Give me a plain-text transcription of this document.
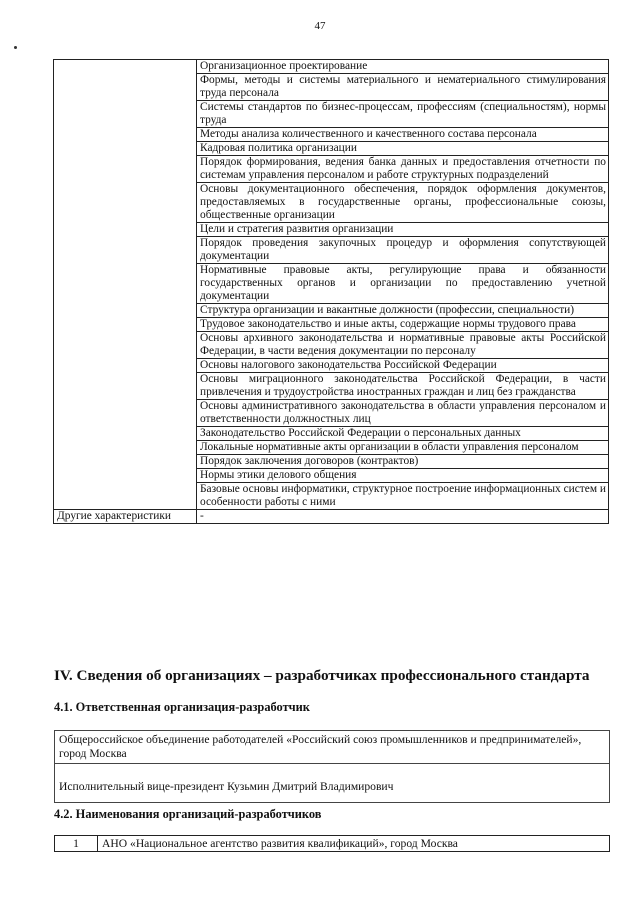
47
	Организационное проектирование
	Формы, методы и системы материального и нематериального стимулирования труда персонала
	Системы стандартов по бизнес-процессам, профессиям (специальностям), нормы труда
	Методы анализа количественного и качественного состава персонала
	Кадровая политика организации
	Порядок формирования, ведения банка данных и предоставления отчетности по системам управления персоналом и работе структурных подразделений
	Основы документационного обеспечения, порядок оформления документов, предоставляемых в государственные органы, профессиональные союзы, общественные организации
	Цели и стратегия развития организации
	Порядок проведения закупочных процедур и оформления сопутствующей документации
	Нормативные правовые акты, регулирующие права и обязанности государственных органов и организации по предоставлению учетной документации
	Структура организации и вакантные должности (профессии, специальности)
	Трудовое законодательство и иные акты, содержащие нормы трудового права
	Основы архивного законодательства и нормативные правовые акты Российской Федерации, в части ведения документации по персоналу
	Основы налогового законодательства Российской Федерации
	Основы миграционного законодательства Российской Федерации, в части привлечения и трудоустройства иностранных граждан и лиц без гражданства
	Основы административного законодательства в области управления персоналом и ответственности должностных лиц
	Законодательство Российской Федерации о персональных данных
	Локальные нормативные акты организации в области управления персоналом
	Порядок заключения договоров (контрактов)
	Нормы этики делового общения
	Базовые основы информатики, структурное построение информационных систем и особенности работы с ними
Другие характеристики	-
IV. Сведения об организациях – разработчиках профессионального стандарта
4.1. Ответственная организация-разработчик
Общероссийское объединение работодателей «Российский союз промышленников и предпринимателей», город Москва
Исполнительный вице-президент Кузьмин Дмитрий Владимирович
4.2. Наименования организаций-разработчиков
1	АНО «Национальное агентство развития квалификаций», город Москва
